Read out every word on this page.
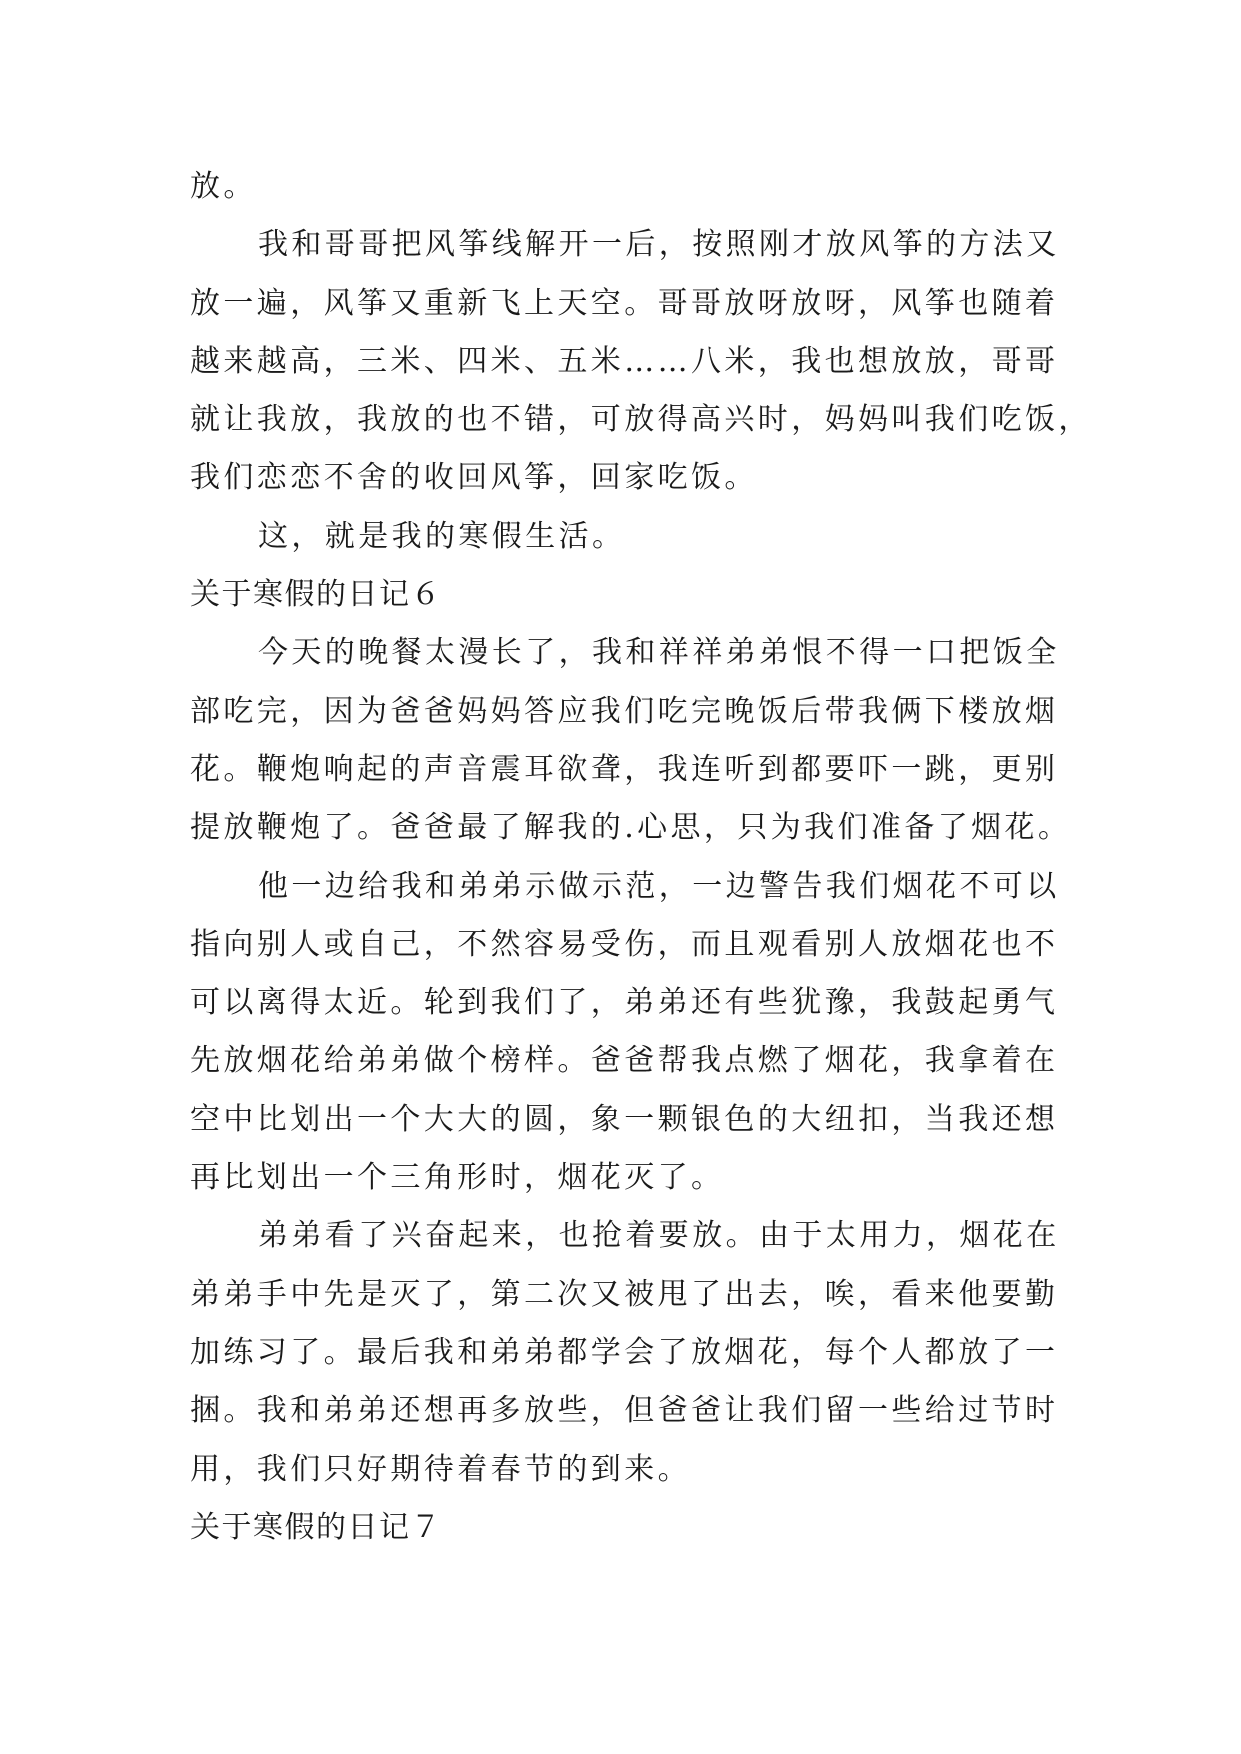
放。
我和哥哥把风筝线解开一后，按照刚才放风筝的方法又
放一遍，风筝又重新飞上天空。哥哥放呀放呀，风筝也随着
越来越高，三米、四米、五米……八米，我也想放放，哥哥
就让我放，我放的也不错，可放得高兴时，妈妈叫我们吃饭，
我们恋恋不舍的收回风筝，回家吃饭。
这，就是我的寒假生活。
关于寒假的日记６
今天的晚餐太漫长了，我和祥祥弟弟恨不得一口把饭全
部吃完，因为爸爸妈妈答应我们吃完晚饭后带我俩下楼放烟
花。鞭炮响起的声音震耳欲聋，我连听到都要吓一跳，更别
提放鞭炮了。爸爸最了解我的.心思，只为我们准备了烟花。
他一边给我和弟弟示做示范，一边警告我们烟花不可以
指向别人或自己，不然容易受伤，而且观看别人放烟花也不
可以离得太近。轮到我们了，弟弟还有些犹豫，我鼓起勇气
先放烟花给弟弟做个榜样。爸爸帮我点燃了烟花，我拿着在
空中比划出一个大大的圆，象一颗银色的大纽扣，当我还想
再比划出一个三角形时，烟花灭了。
弟弟看了兴奋起来，也抢着要放。由于太用力，烟花在
弟弟手中先是灭了，第二次又被甩了出去，唉，看来他要勤
加练习了。最后我和弟弟都学会了放烟花，每个人都放了一
捆。我和弟弟还想再多放些，但爸爸让我们留一些给过节时
用，我们只好期待着春节的到来。
关于寒假的日记７
